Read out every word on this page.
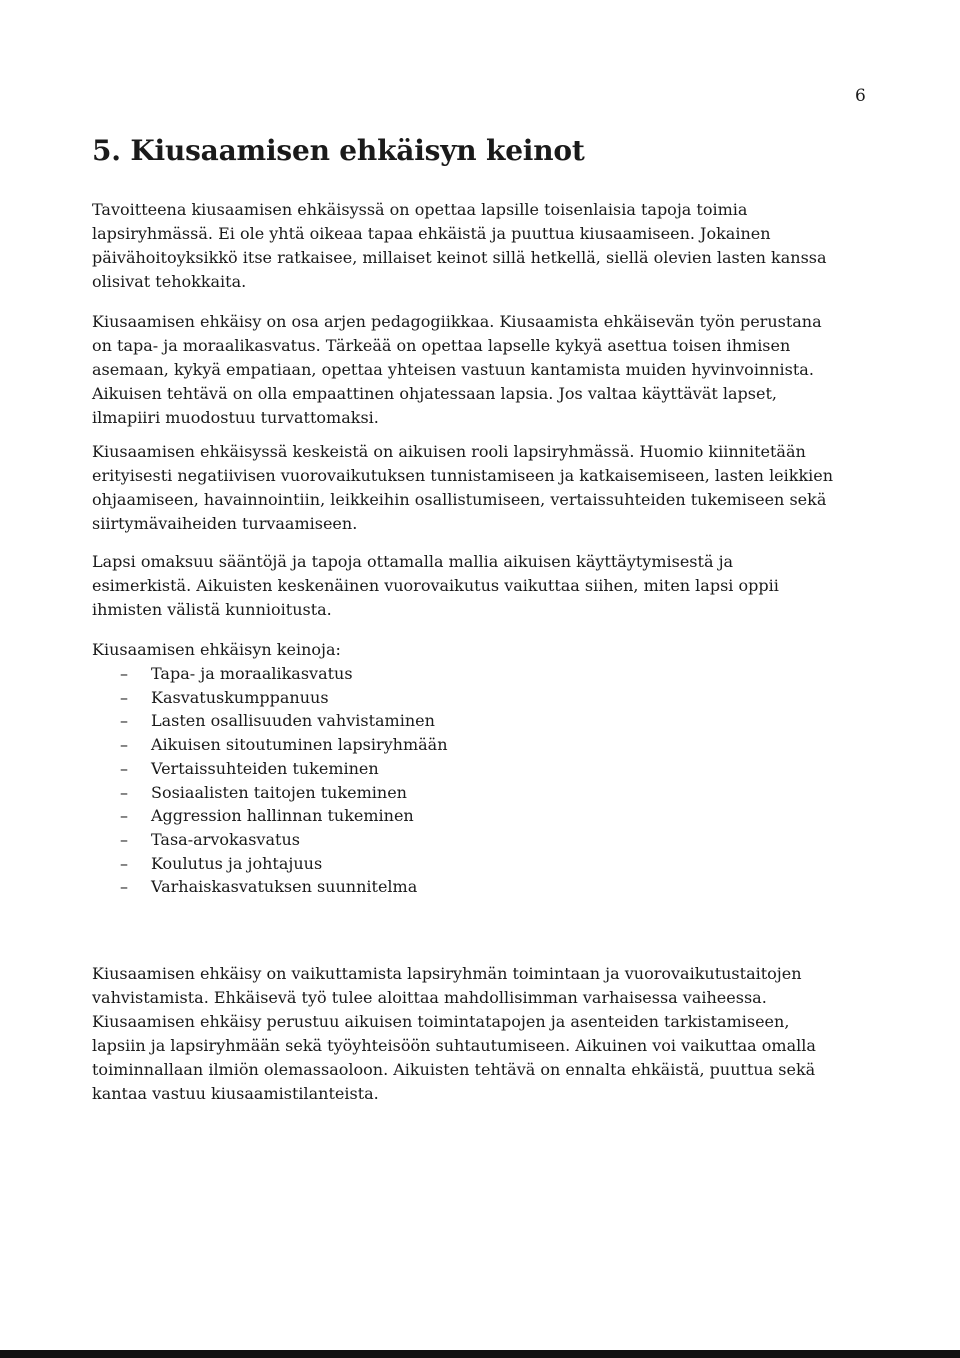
6
5. Kiusaamisen ehkäisyn keinot

Tavoitteena kiusaamisen ehkäisyssä on opettaa lapsille toisenlaisia tapoja toimia
lapsiryhmässä. Ei ole yhtä oikeaa tapaa ehkäistä ja puuttua kiusaamiseen. Jokainen
päivähoitoyksikkö itse ratkaisee, millaiset keinot sillä hetkellä, siellä olevien lasten kanssa
olisivat tehokkaita.

Kiusaamisen ehkäisy on osa arjen pedagogiikkaa. Kiusaamista ehkäisevän työn perustana
on tapa- ja moraalikasvatus. Tärkeää on opettaa lapselle kykyä asettua toisen ihmisen
asemaan, kykyä empatiaan, opettaa yhteisen vastuun kantamista muiden hyvinvoinnista.
Aikuisen tehtävä on olla empaattinen ohjatessaan lapsia. Jos valtaa käyttävät lapset,
ilmapiiri muodostuu turvattomaksi.

Kiusaamisen ehkäisyssä keskeistä on aikuisen rooli lapsiryhmässä. Huomio kiinnitetään
erityisesti negatiivisen vuorovaikutuksen tunnistamiseen ja katkaisemiseen, lasten leikkien
ohjaamiseen, havainnointiin, leikkeihin osallistumiseen, vertaissuhteiden tukemiseen sekä
siirtymävaiheiden turvaamiseen.

Lapsi omaksuu sääntöjä ja tapoja ottamalla mallia aikuisen käyttäytymisestä ja
esimerkistä. Aikuisten keskenäinen vuorovaikutus vaikuttaa siihen, miten lapsi oppii
ihmisten välistä kunnioitusta.

Kiusaamisen ehkäisyn keinoja:

– Tapa- ja moraalikasvatus
– Kasvatuskumppanuus
– Lasten osallisuuden vahvistaminen
– Aikuisen sitoutuminen lapsiryhmään
– Vertaissuhteiden tukeminen
– Sosiaalisten taitojen tukeminen
– Aggression hallinnan tukeminen
– Tasa-arvokasvatus
– Koulutus ja johtajuus
– Varhaiskasvatuksen suunnitelma

Kiusaamisen ehkäisy on vaikuttamista lapsiryhmän toimintaan ja vuorovaikutustaitojen
vahvistamista. Ehkäisevä työ tulee aloittaa mahdollisimman varhaisessa vaiheessa.
Kiusaamisen ehkäisy perustuu aikuisen toimintatapojen ja asenteiden tarkistamiseen,
lapsiin ja lapsiryhmään sekä työyhteisöön suhtautumiseen. Aikuinen voi vaikuttaa omalla
toiminnallaan ilmiön olemassaoloon. Aikuisten tehtävä on ennalta ehkäistä, puuttua sekä
kantaa vastuu kiusaamistilanteista.
